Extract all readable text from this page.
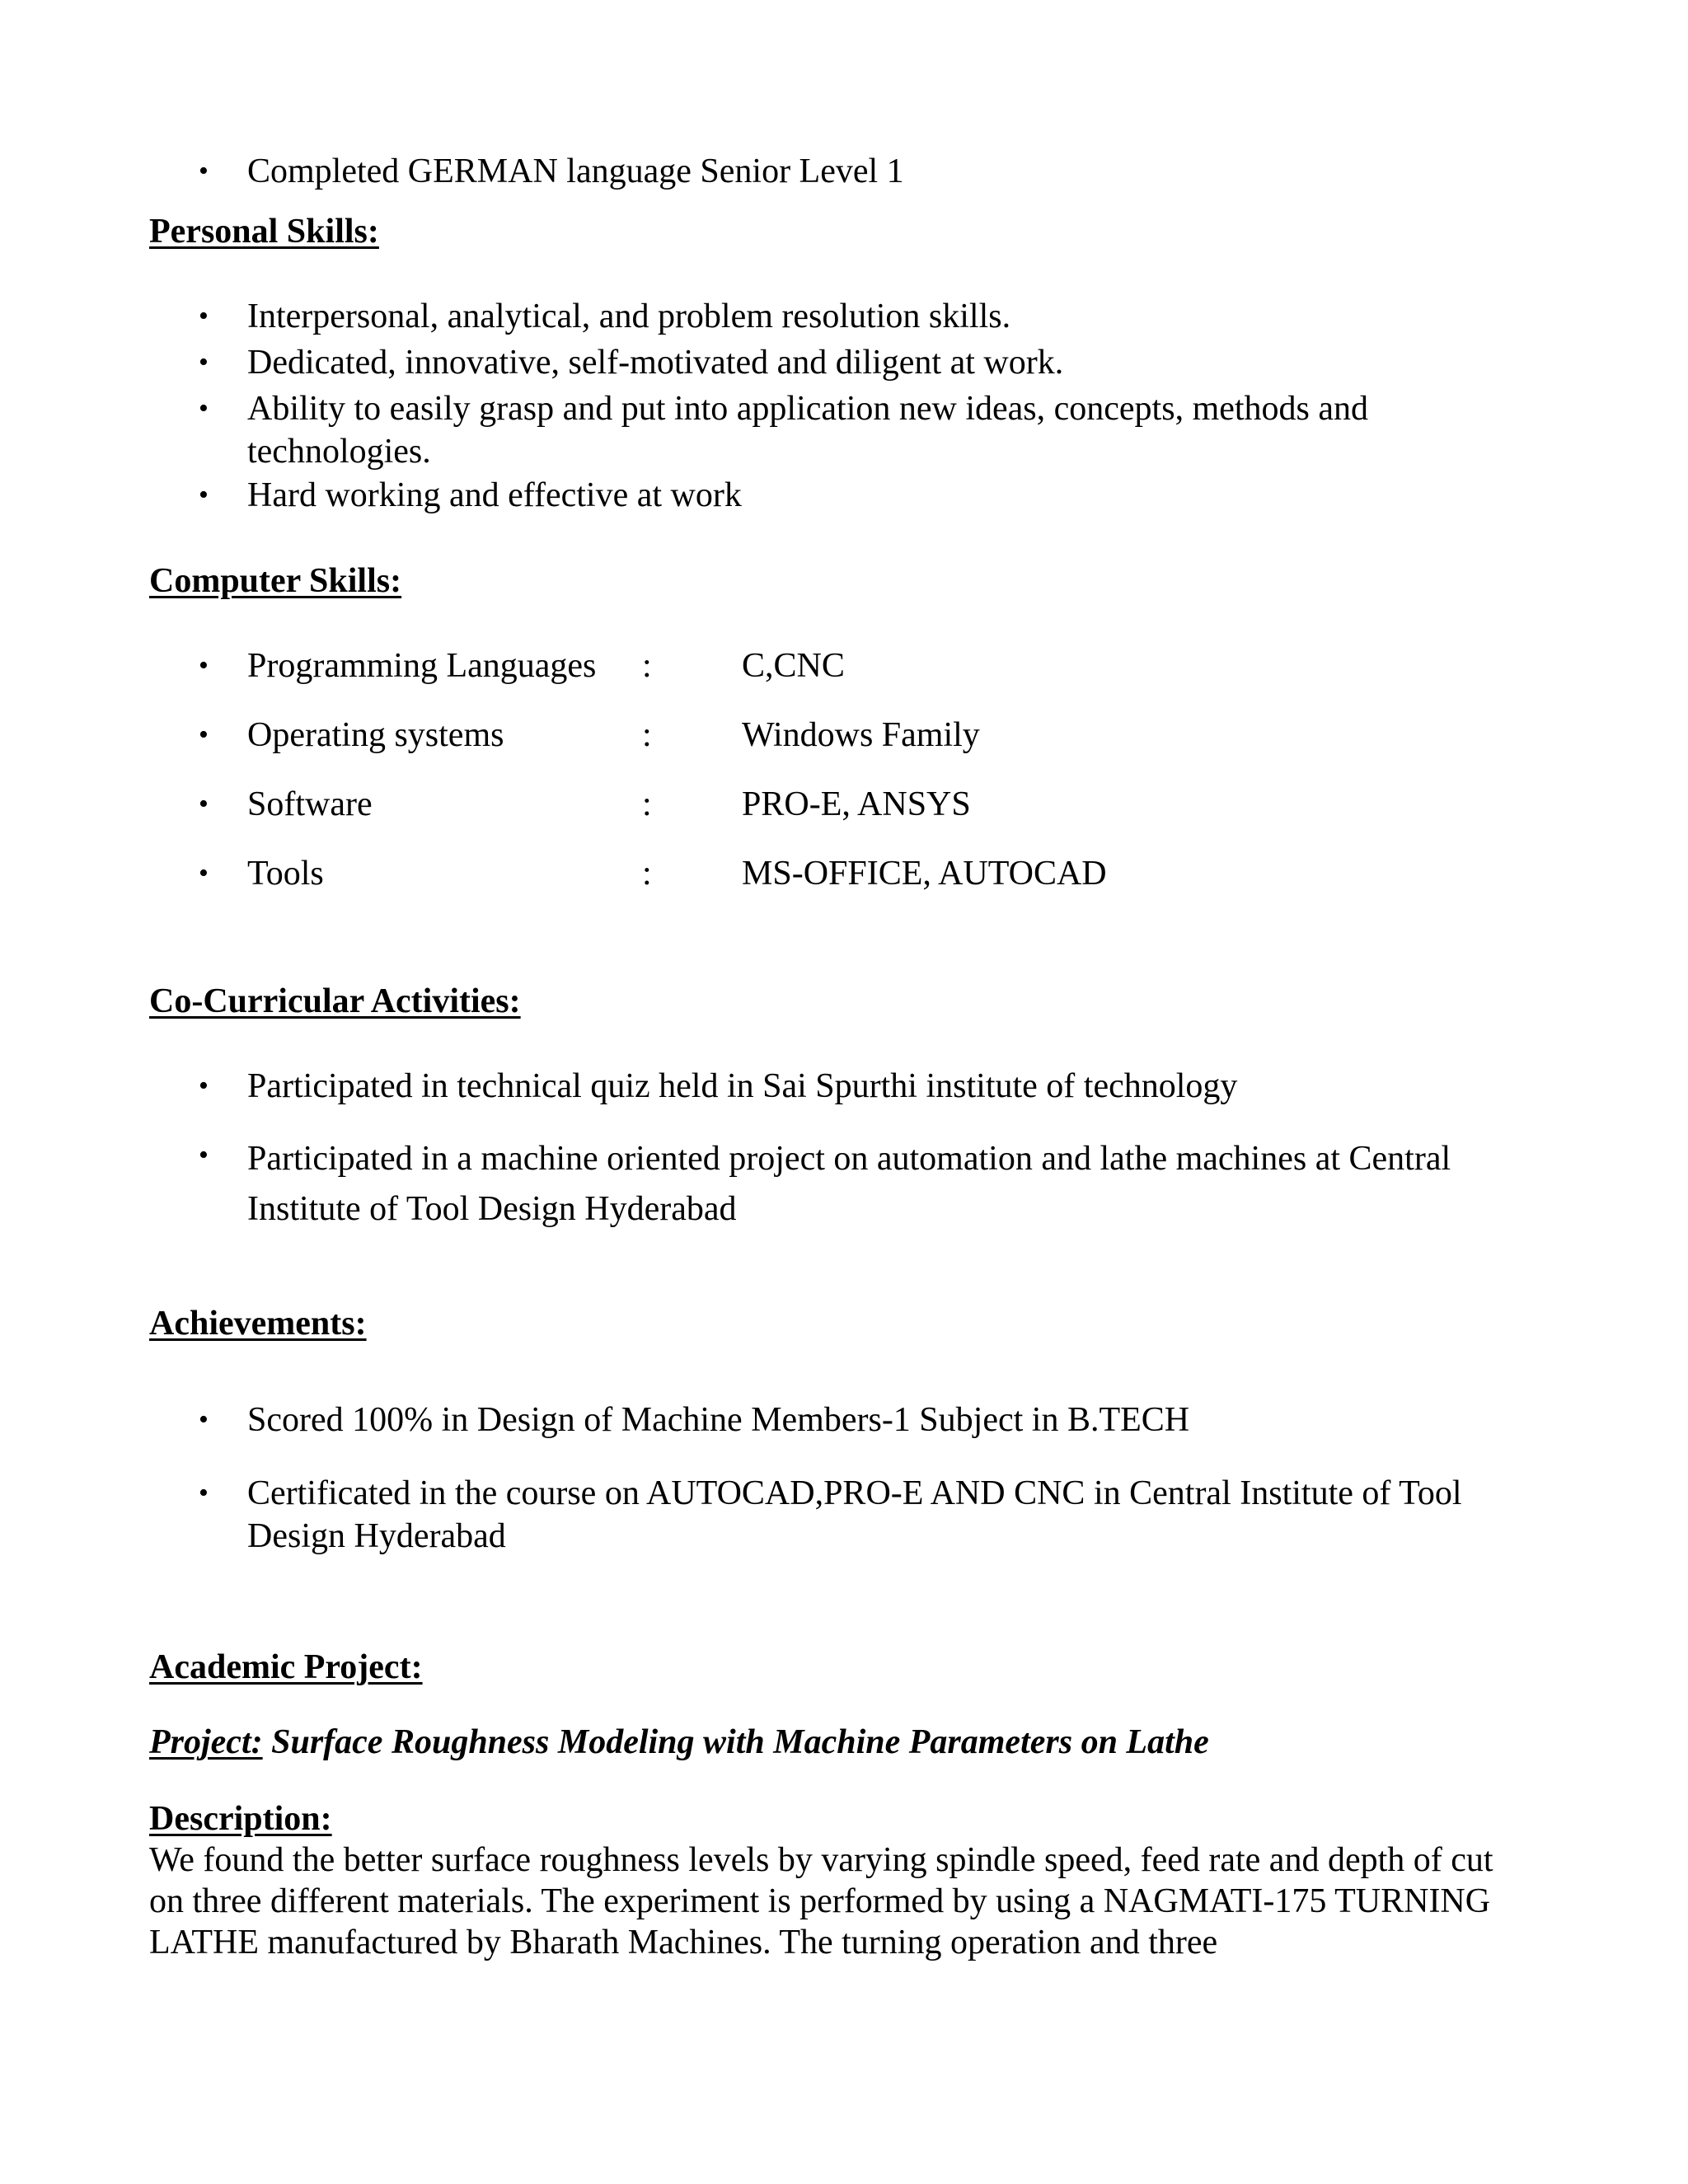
• Completed GERMAN language Senior Level 1
Personal Skills:
• Interpersonal, analytical, and problem resolution skills.
• Dedicated, innovative, self-motivated and diligent at work.
• Ability to easily grasp and put into application new ideas, concepts, methods and technologies.
• Hard working and effective at work
Computer Skills:
• Programming Languages :	C,CNC
• Operating systems	:	Windows Family
• Software	:	PRO-E, ANSYS
• Tools	:	MS-OFFICE, AUTOCAD
Co-Curricular Activities:
• Participated in technical quiz held in Sai Spurthi institute of technology
• Participated in a machine oriented project on automation and lathe machines at Central Institute of Tool Design Hyderabad
Achievements:
• Scored 100% in Design of Machine Members-1 Subject in B.TECH
• Certificated in the course on AUTOCAD,PRO-E AND CNC in Central Institute of Tool Design Hyderabad
Academic Project:
Project: Surface Roughness Modeling with Machine Parameters on Lathe
Description:
We found the better surface roughness levels by varying spindle speed, feed rate and depth of cut on three different materials. The experiment is performed by using a NAGMATI-175 TURNING LATHE manufactured by Bharath Machines. The turning operation and three
